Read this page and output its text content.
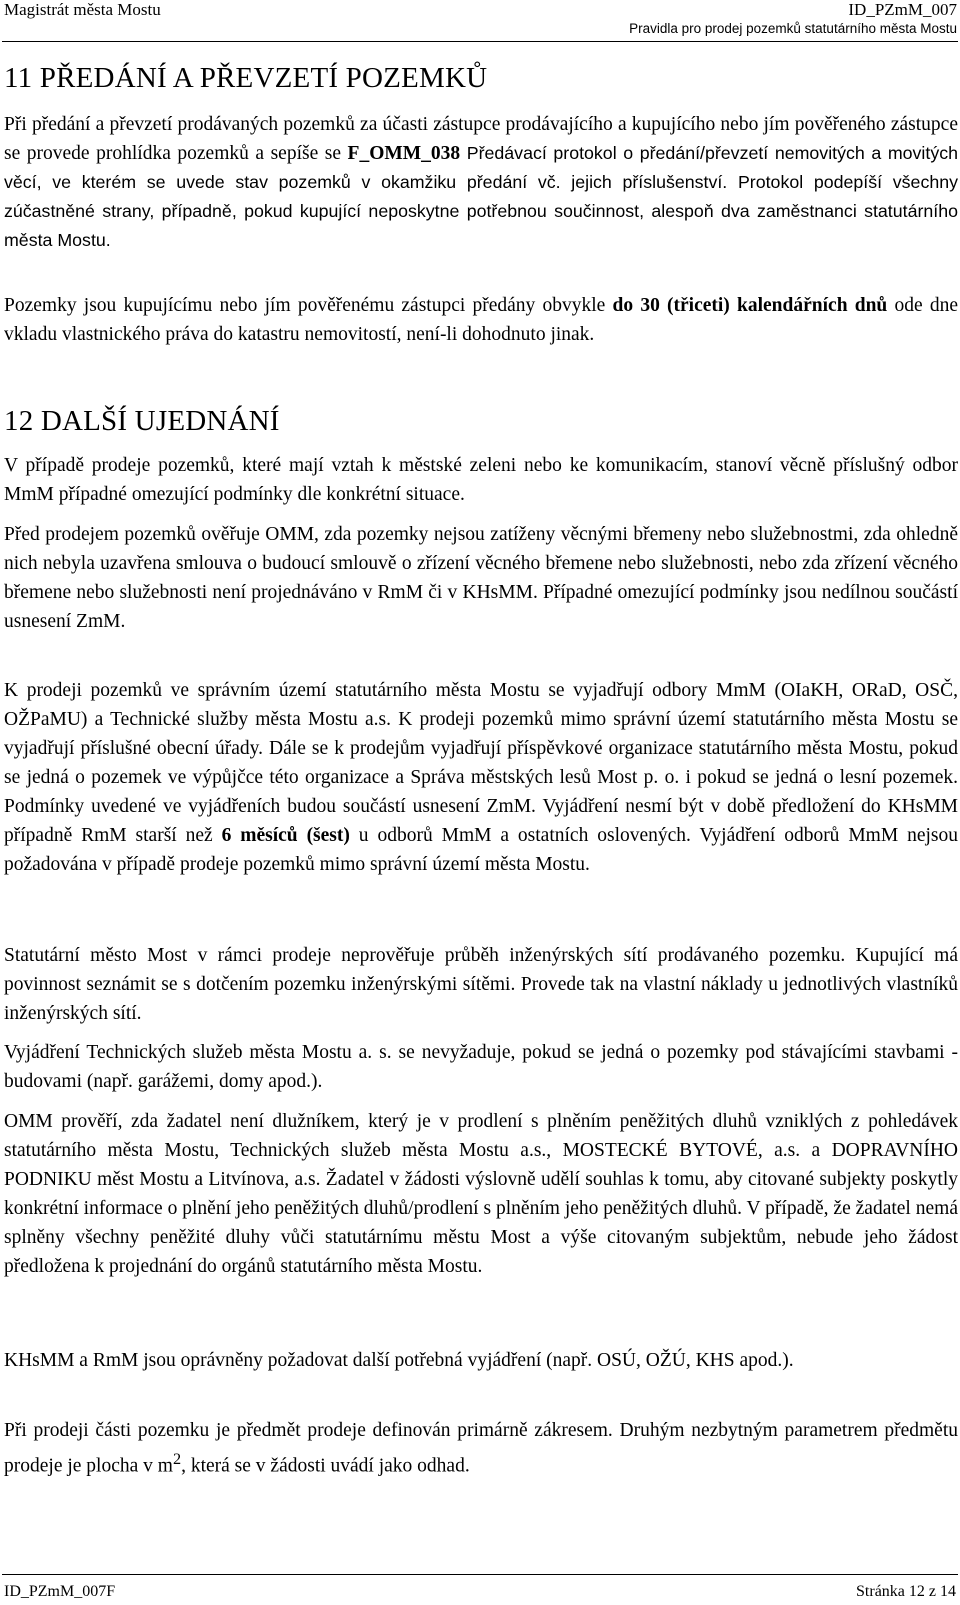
Magistrát města Mostu	ID_PZmM_007
Pravidla pro prodej pozemků statutárního města Mostu
11 PŘEDÁNÍ A PŘEVZETÍ POZEMKŮ

Při předání a převzetí prodávaných pozemků za účasti zástupce prodávajícího a kupujícího nebo jím pověřeného zástupce se provede prohlídka pozemků a sepíše se F_OMM_038 Předávací protokol o předání/převzetí nemovitých a movitých věcí, ve kterém se uvede stav pozemků v okamžiku předání vč. jejich příslušenství. Protokol podepíší všechny zúčastněné strany, případně, pokud kupující neposkytne potřebnou součinnost, alespoň dva zaměstnanci statutárního města Mostu.

Pozemky jsou kupujícímu nebo jím pověřenému zástupci předány obvykle do 30 (třiceti) kalendářních dnů ode dne vkladu vlastnického práva do katastru nemovitostí, není-li dohodnuto jinak.

12 DALŠÍ UJEDNÁNÍ

V případě prodeje pozemků, které mají vztah k městské zeleni nebo ke komunikacím, stanoví věcně příslušný odbor MmM případné omezující podmínky dle konkrétní situace.

Před prodejem pozemků ověřuje OMM, zda pozemky nejsou zatíženy věcnými břemeny nebo služebnostmi, zda ohledně nich nebyla uzavřena smlouva o budoucí smlouvě o zřízení věcného břemene nebo služebnosti, nebo zda zřízení věcného břemene nebo služebnosti není projednáváno v RmM či v KHsMM. Případné omezující podmínky jsou nedílnou součástí usnesení ZmM.

K prodeji pozemků ve správním území statutárního města Mostu se vyjadřují odbory MmM (OIaKH, ORaD, OSČ, OŽPaMU) a Technické služby města Mostu a.s. K prodeji pozemků mimo správní území statutárního města Mostu se vyjadřují příslušné obecní úřady. Dále se k prodejům vyjadřují příspěvkové organizace statutárního města Mostu, pokud se jedná o pozemek ve výpůjčce této organizace a Správa městských lesů Most p. o. i pokud se jedná o lesní pozemek. Podmínky uvedené ve vyjádřeních budou součástí usnesení ZmM. Vyjádření nesmí být v době předložení do KHsMM případně RmM starší než 6 měsíců (šest) u odborů MmM a ostatních oslovených. Vyjádření odborů MmM nejsou požadována v případě prodeje pozemků mimo správní území města Mostu.

Statutární město Most v rámci prodeje neprověřuje průběh inženýrských sítí prodávaného pozemku. Kupující má povinnost seznámit se s dotčením pozemku inženýrskými sítěmi. Provede tak na vlastní náklady u jednotlivých vlastníků inženýrských sítí.

Vyjádření Technických služeb města Mostu a. s. se nevyžaduje, pokud se jedná o pozemky pod stávajícími stavbami - budovami (např. garážemi, domy apod.).

OMM prověří, zda žadatel není dlužníkem, který je v prodlení s plněním peněžitých dluhů vzniklých z pohledávek statutárního města Mostu, Technických služeb města Mostu a.s., MOSTECKÉ BYTOVÉ, a.s. a DOPRAVNÍHO PODNIKU měst Mostu a Litvínova, a.s. Žadatel v žádosti výslovně udělí souhlas k tomu, aby citované subjekty poskytly konkrétní informace o plnění jeho peněžitých dluhů/prodlení s plněním jeho peněžitých dluhů. V případě, že žadatel nemá splněny všechny peněžité dluhy vůči statutárnímu městu Most a výše citovaným subjektům, nebude jeho žádost předložena k projednání do orgánů statutárního města Mostu.

KHsMM a RmM jsou oprávněny požadovat další potřebná vyjádření (např. OSÚ, OŽÚ, KHS apod.).

Při prodeji části pozemku je předmět prodeje definován primárně zákresem. Druhým nezbytným parametrem předmětu prodeje je plocha v $m^2$, která se v žádosti uvádí jako odhad.

ID_PZmM_007F	Stránka 12 z 14
